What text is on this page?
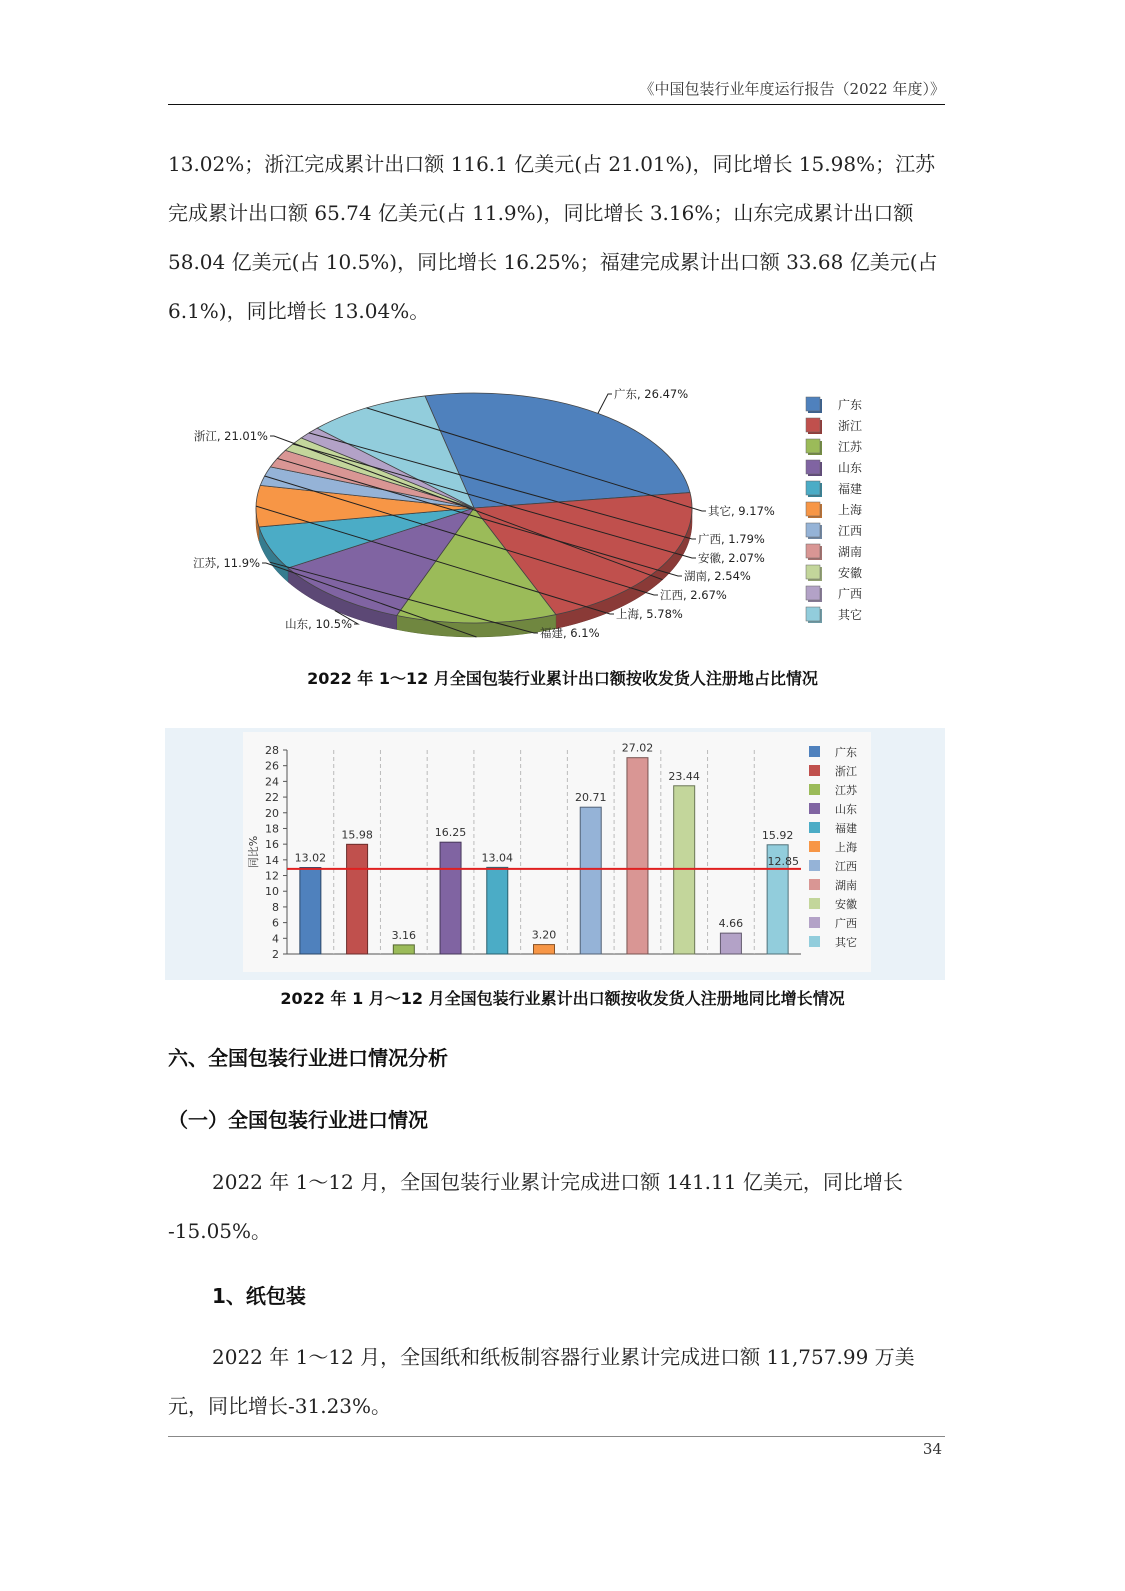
《中国包装行业年度运行报告（2022 年度）》

13.02%；浙江完成累计出口额 116.1 亿美元(占 21.01%)，同比增长 15.98%；江苏

完成累计出口额 65.74 亿美元(占 11.9%)，同比增长 3.16%；山东完成累计出口额

58.04 亿美元(占 10.5%)，同比增长 16.25%；福建完成累计出口额 33.68 亿美元(占

6.1%)，同比增长 13.04%。

广东, 26.47%
浙江, 21.01%
江苏, 11.9%
山东, 10.5%
福建, 6.1%
上海, 5.78%
江西, 2.67%
湖南, 2.54%
安徽, 2.07%
广西, 1.79%
其它, 9.17%
广东
浙江
江苏
山东
福建
上海
江西
湖南
安徽
广西
其它
2022 年 1～12 月全国包装行业累计出口额按收发货人注册地占比情况
2
4
6
8
10
12
14
16
18
20
22
24
26
28
同比%	13.02
15.98
3.16
16.25
13.04
3.20
20.71
27.02
23.44
4.66
15.92
12.85
广东
浙江
江苏
山东
福建
上海
江西
湖南
安徽
广西
其它
2022 年 1 月～12 月全国包装行业累计出口额按收发货人注册地同比增长情况
六、全国包装行业进口情况分析
（一）全国包装行业进口情况

2022 年 1～12 月，全国包装行业累计完成进口额 141.11 亿美元，同比增长

-15.05%。

1、纸包装

2022 年 1～12 月，全国纸和纸板制容器行业累计完成进口额 11,757.99 万美

元，同比增长-31.23%。

34
